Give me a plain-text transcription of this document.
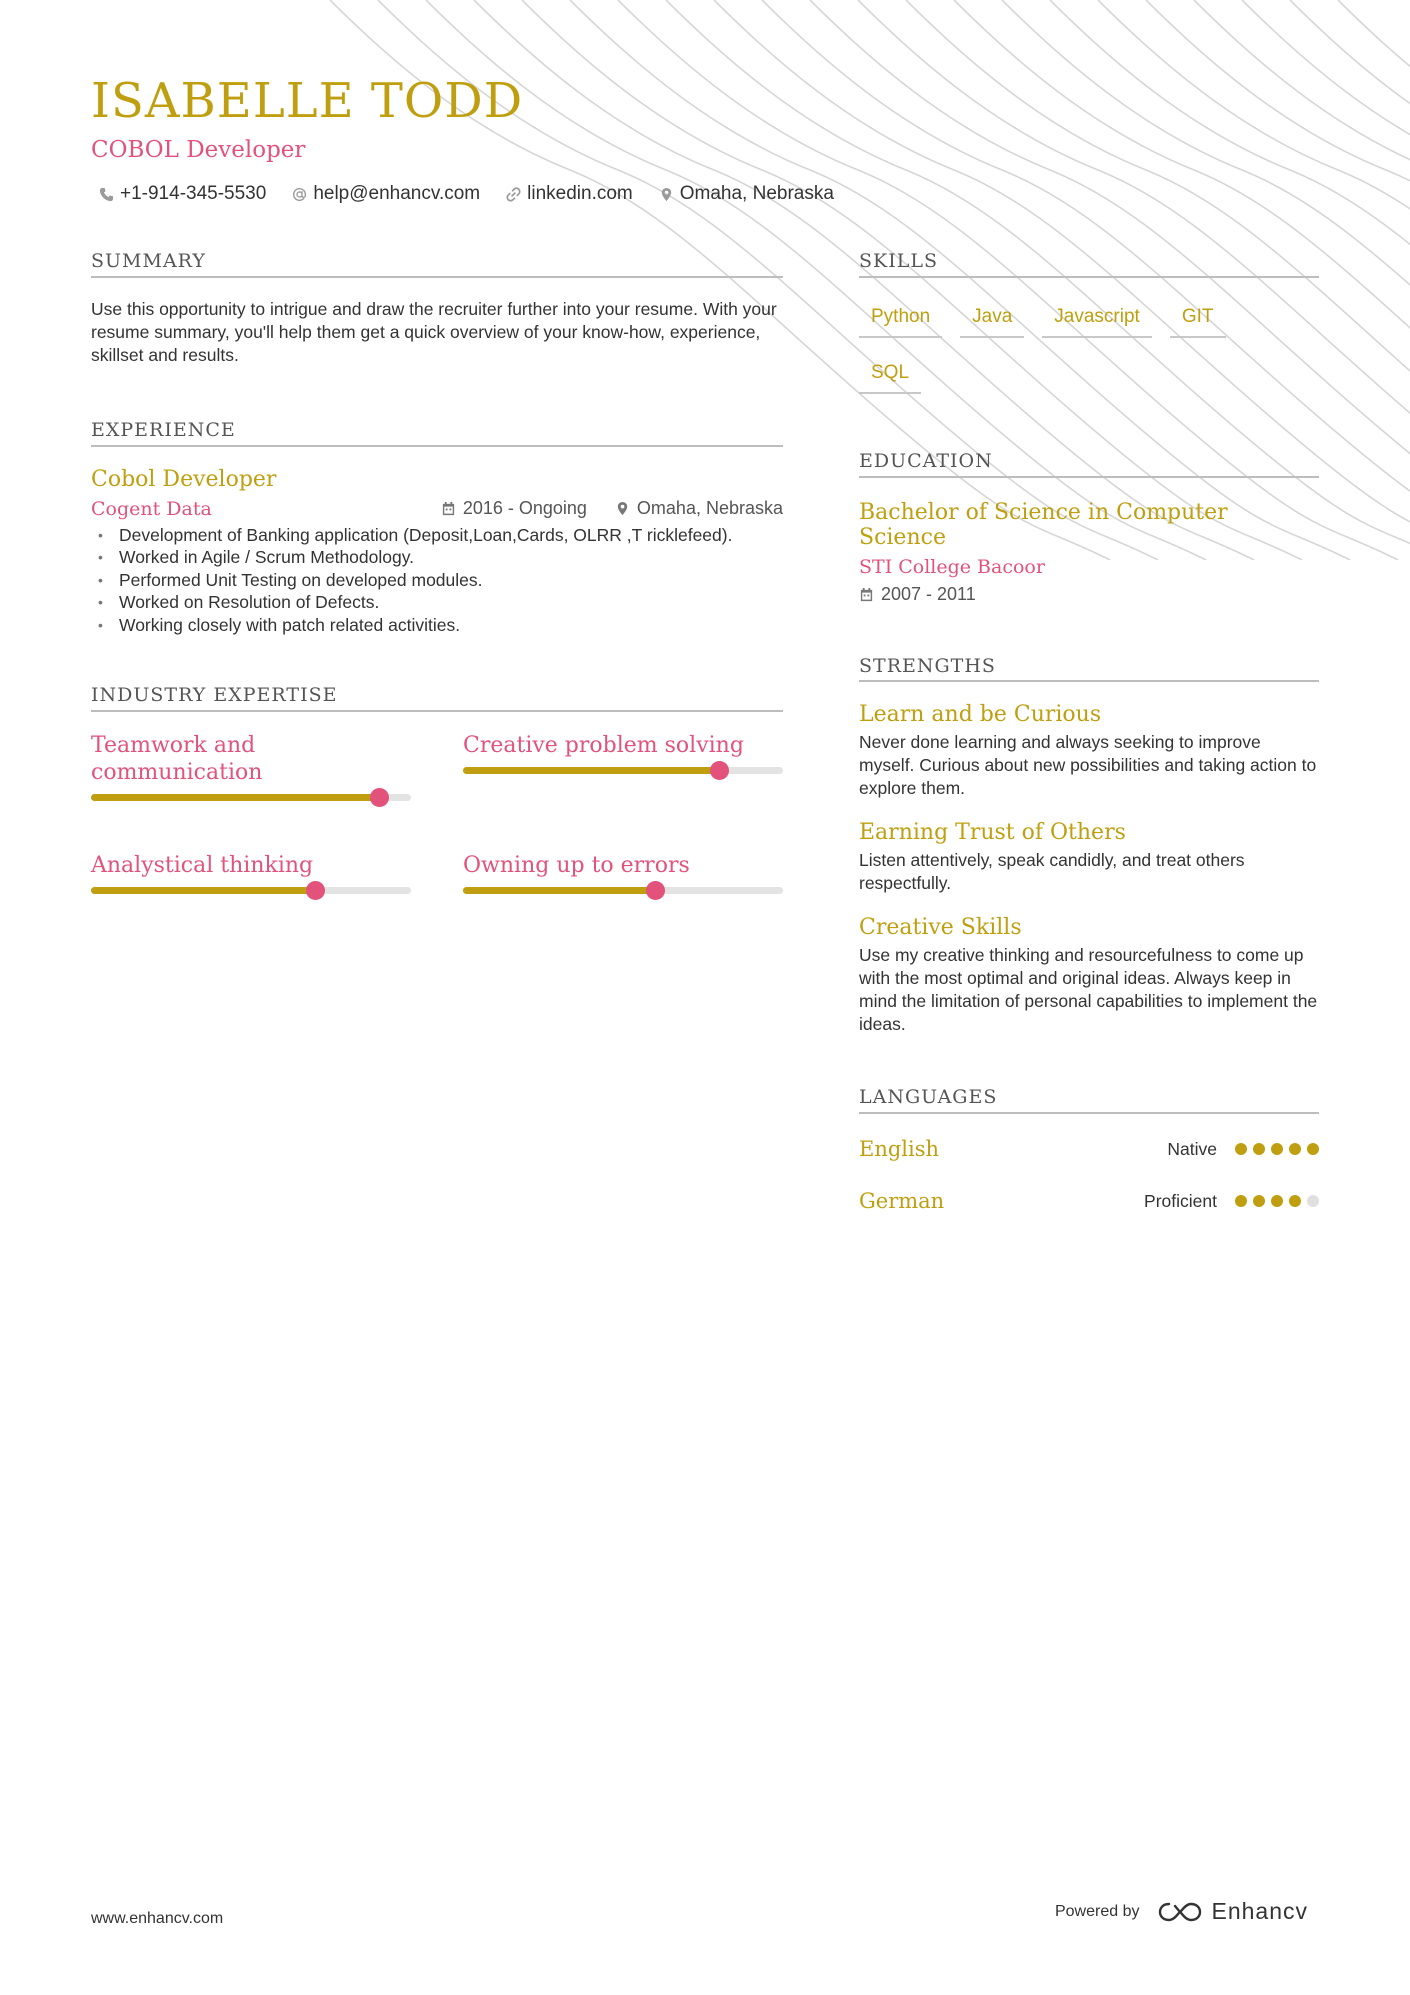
ISABELLE TODD
COBOL Developer
+1-914-345-5530 help@enhancv.com linkedin.com Omaha, Nebraska
SUMMARY
Use this opportunity to intrigue and draw the recruiter further into your resume. With your resume summary, you'll help them get a quick overview of your know-how, experience, skillset and results.
EXPERIENCE
Cobol Developer
Cogent Data	2016 - Ongoing	Omaha, Nebraska
• Development of Banking application (Deposit,Loan,Cards, OLRR ,T ricklefeed).
• Worked in Agile / Scrum Methodology.
• Performed Unit Testing on developed modules.
• Worked on Resolution of Defects.
• Working closely with patch related activities.
INDUSTRY EXPERTISE
Teamwork and communication
Creative problem solving
Analystical thinking	Owning up to errors
SKILLS
Python	Java	Javascript	GIT
SQL
EDUCATION
Bachelor of Science in Computer Science
STI College Bacoor
2007 - 2011
STRENGTHS
Learn and be Curious
Never done learning and always seeking to improve myself. Curious about new possibilities and taking action to explore them.
Earning Trust of Others
Listen attentively, speak candidly, and treat others respectfully.
Creative Skills
Use my creative thinking and resourcefulness to come up with the most optimal and original ideas. Always keep in mind the limitation of personal capabilities to implement the ideas.
LANGUAGES
English	Native
German	Proficient
www.enhancv.com	Powered by	Enhancv
